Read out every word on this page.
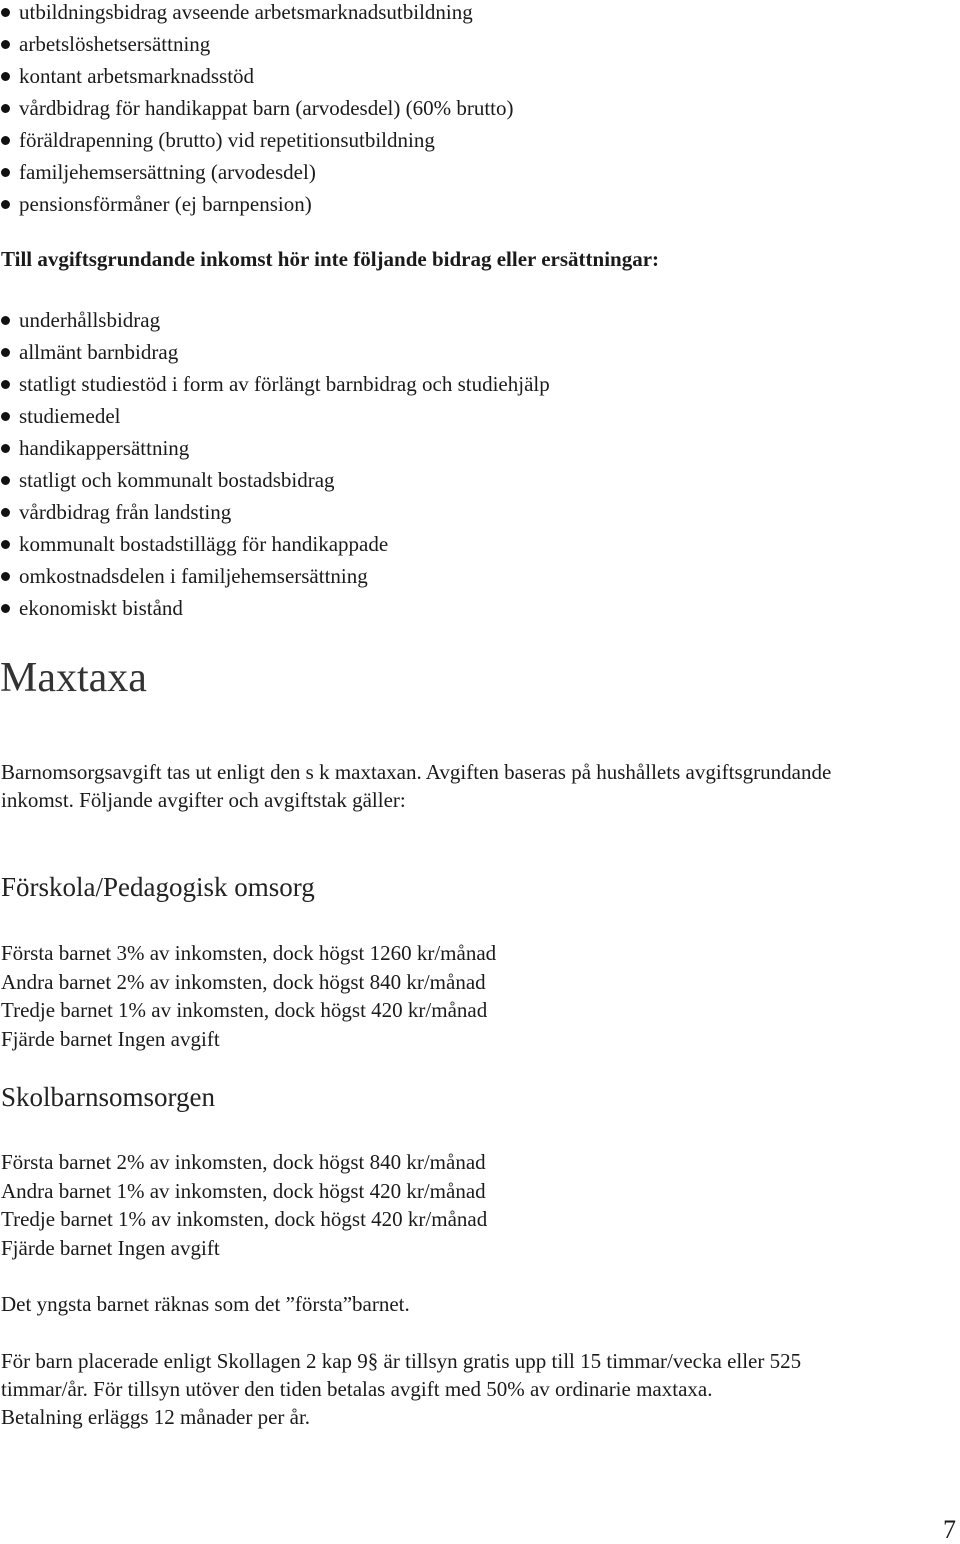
utbildningsbidrag avseende arbetsmarknadsutbildning
arbetslöshetsersättning
kontant arbetsmarknadsstöd
vårdbidrag för handikappat barn (arvodesdel) (60% brutto)
föräldrapenning (brutto) vid repetitionsutbildning
familjehemsersättning (arvodesdel)
pensionsförmåner (ej barnpension)
Till avgiftsgrundande inkomst hör inte följande bidrag eller ersättningar:
underhållsbidrag
allmänt barnbidrag
statligt studiestöd i form av förlängt barnbidrag och studiehjälp
studiemedel
handikappersättning
statligt och kommunalt bostadsbidrag
vårdbidrag från landsting
kommunalt bostadstillägg för handikappade
omkostnadsdelen i familjehemsersättning
ekonomiskt bistånd
Maxtaxa

Barnomsorgsavgift tas ut enligt den s k maxtaxan. Avgiften baseras på hushållets avgiftsgrundande
inkomst. Följande avgifter och avgiftstak gäller:

Förskola/Pedagogisk omsorg
Första barnet 3% av inkomsten, dock högst 1260 kr/månad
Andra barnet 2% av inkomsten, dock högst 840 kr/månad
Tredje barnet 1% av inkomsten, dock högst 420 kr/månad
Fjärde barnet Ingen avgift
Skolbarnsomsorgen
Första barnet 2% av inkomsten, dock högst 840 kr/månad
Andra barnet 1% av inkomsten, dock högst 420 kr/månad
Tredje barnet 1% av inkomsten, dock högst 420 kr/månad
Fjärde barnet Ingen avgift

Det yngsta barnet räknas som det ”första”barnet.

För barn placerade enligt Skollagen 2 kap 9§ är tillsyn gratis upp till 15 timmar/vecka eller 525
timmar/år. För tillsyn utöver den tiden betalas avgift med 50% av ordinarie maxtaxa.
Betalning erläggs 12 månader per år.

7
